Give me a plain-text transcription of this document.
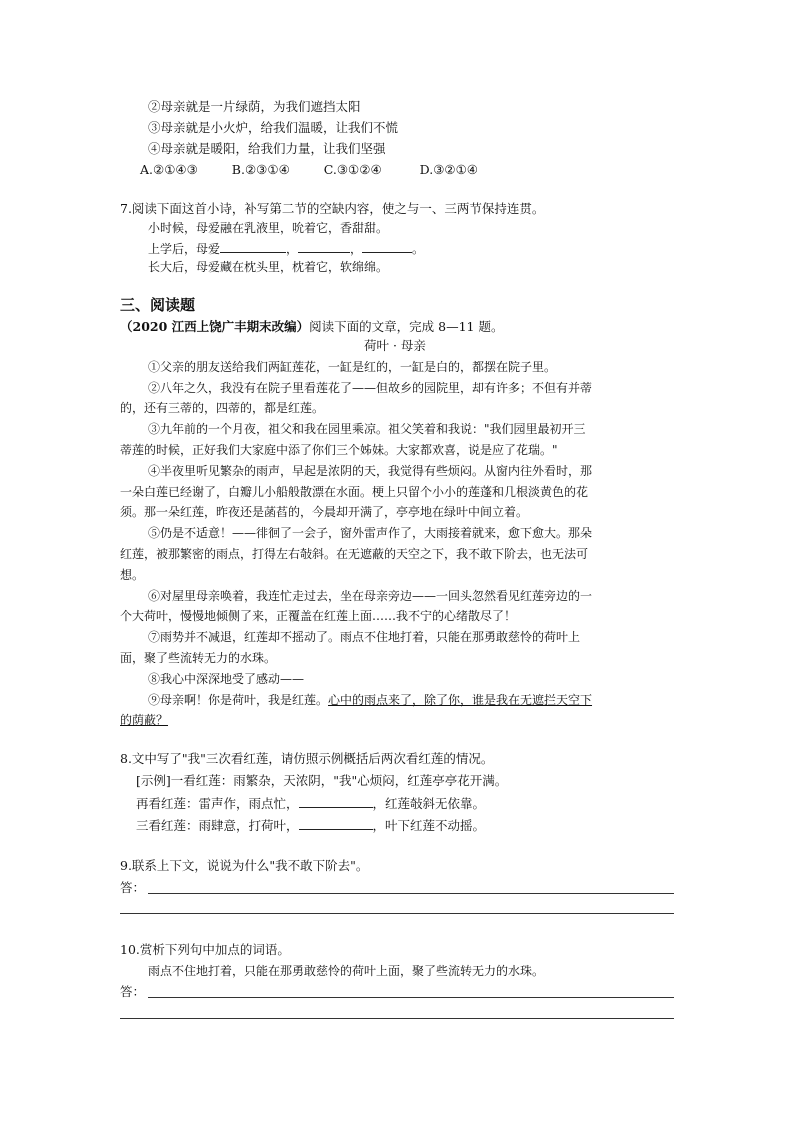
②母亲就是一片绿荫，为我们遮挡太阳
③母亲就是小火炉，给我们温暖，让我们不慌
④母亲就是暖阳，给我们力量，让我们坚强
A.②①④③	B.②③①④	C.③①②④	D.③②①④
7.阅读下面这首小诗，补写第二节的空缺内容，使之与一、三两节保持连贯。
小时候，母爱融在乳液里，吮着它，香甜甜。
上学后，母爱	，	，	。
长大后，母爱藏在枕头里，枕着它，软绵绵。
三、阅读题
（2020 江西上饶广丰期末改编）阅读下面的文章，完成 8—11 题。
荷叶 · 母亲
①父亲的朋友送给我们两缸莲花，一缸是红的，一缸是白的，都摆在院子里。
②八年之久，我没有在院子里看莲花了——但故乡的园院里，却有许多；不但有并蒂
的，还有三蒂的，四蒂的，都是红莲。
③九年前的一个月夜，祖父和我在园里乘凉。祖父笑着和我说："我们园里最初开三
蒂莲的时候，正好我们大家庭中添了你们三个姊妹。大家都欢喜，说是应了花瑞。"
④半夜里听见繁杂的雨声，早起是浓阴的天，我觉得有些烦闷。从窗内往外看时，那
一朵白莲已经谢了，白瓣儿小船般散漂在水面。梗上只留个小小的莲蓬和几根淡黄色的花
须。那一朵红莲，昨夜还是菡萏的，今晨却开满了，亭亭地在绿叶中间立着。
⑤仍是不适意！——徘徊了一会子，窗外雷声作了，大雨接着就来，愈下愈大。那朵
红莲，被那繁密的雨点，打得左右敧斜。在无遮蔽的天空之下，我不敢下阶去，也无法可
想。
⑥对屋里母亲唤着，我连忙走过去，坐在母亲旁边——一回头忽然看见红莲旁边的一
个大荷叶，慢慢地倾侧了来，正覆盖在红莲上面……我不宁的心绪散尽了！
⑦雨势并不减退，红莲却不摇动了。雨点不住地打着，只能在那勇敢慈怜的荷叶上
面，聚了些流转无力的水珠。
⑧我心中深深地受了感动——
⑨母亲啊！你是荷叶，我是红莲。心中的雨点来了，除了你，谁是我在无遮拦天空下
的荫蔽？
8.文中写了"我"三次看红莲，请仿照示例概括后两次看红莲的情况。
[示例]一看红莲：雨繁杂，天浓阴，"我"心烦闷，红莲亭亭花开满。
再看红莲：雷声作，雨点忙，	，红莲敧斜无依靠。
三看红莲：雨肆意，打荷叶，	，叶下红莲不动摇。
9.联系上下文，说说为什么"我不敢下阶去"。
答：
10.赏析下列句中加点的词语。
雨点不住地打着，只能在那勇敢慈怜的荷叶上面，聚了些流转无力的水珠。
答：
